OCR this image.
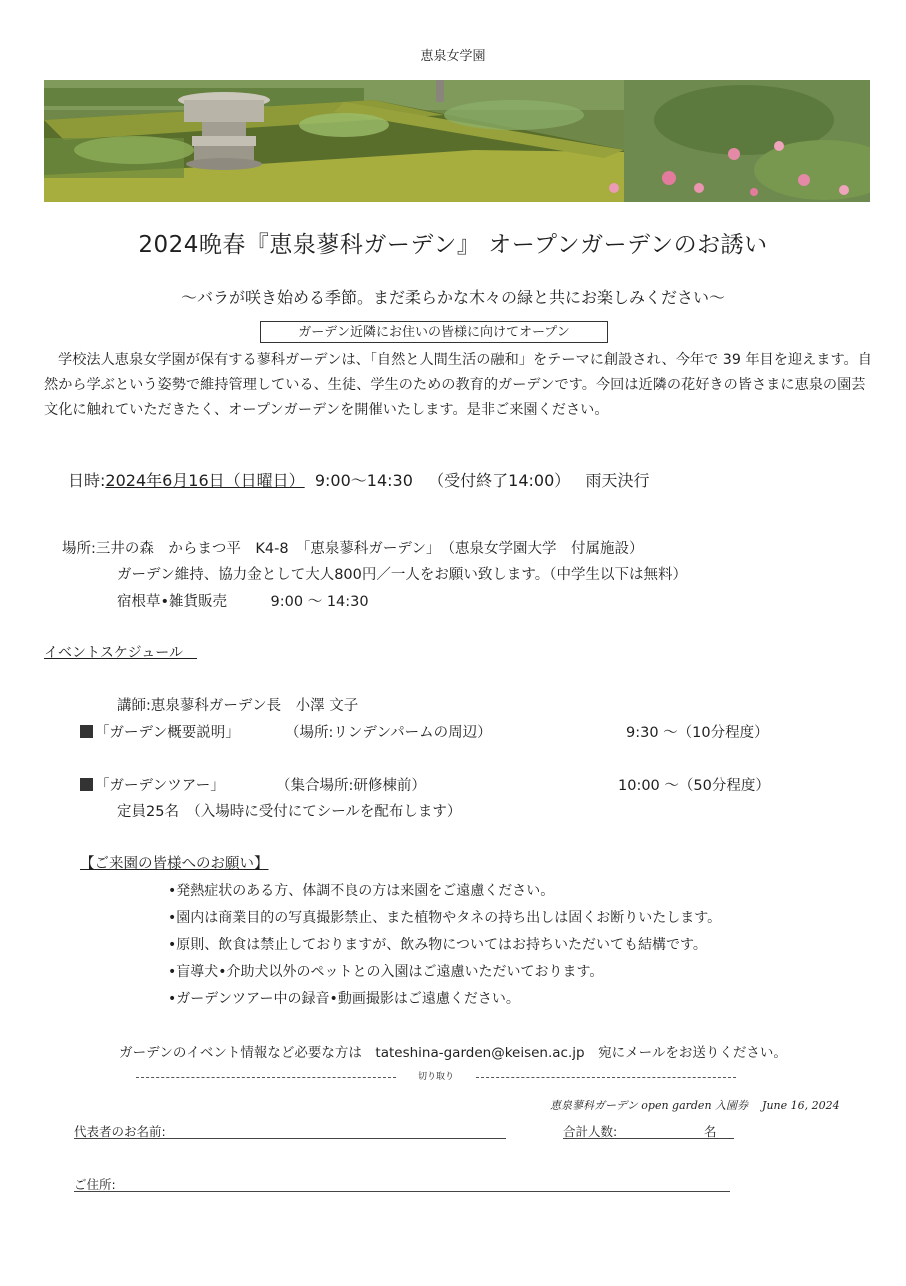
恵泉女学園
2024晩春『恵泉蓼科ガーデン』 オープンガーデンのお誘い
～バラが咲き始める季節。まだ柔らかな木々の緑と共にお楽しみください～
ガーデン近隣にお住いの皆様に向けてオープン
学校法人恵泉女学園が保有する蓼科ガーデンは、「自然と人間生活の融和」をテーマに創設され、今年で 39 年目を迎えます。自然から学ぶという姿勢で維持管理している、生徒、学生のための教育的ガーデンです。今回は近隣の花好きの皆さまに恵泉の園芸文化に触れていただきたく、オープンガーデンを開催いたします。是非ご来園ください。
日時:2024年6月16日（日曜日） 9:00～14:30 （受付終了14:00） 雨天決行
場所:三井の森　からまつ平　K4-8　「恵泉蓼科ガーデン」　（恵泉女学園大学　付属施設）
ガーデン維持、協力金として大人800円／一人をお願い致します。（中学生以下は無料）
宿根草•雑貨販売　　　9:00 ～ 14:30
イベントスケジュール　
講師:恵泉蓼科ガーデン長　小澤 文子
「ガーデン概要説明」	（場所:リンデンパームの周辺）	9:30 ～（10分程度）
「ガーデンツアー」	（集合場所:研修棟前）	10:00 ～（50分程度）
定員25名　（入場時に受付にてシールを配布します）
【ご来園の皆様へのお願い】
•発熱症状のある方、体調不良の方は来園をご遠慮ください。
•園内は商業目的の写真撮影禁止、また植物やタネの持ち出しは固くお断りいたします。
•原則、飲食は禁止しておりますが、飲み物についてはお持ちいただいても結構です。
•盲導犬•介助犬以外のペットとの入園はご遠慮いただいております。
•ガーデンツアー中の録音•動画撮影はご遠慮ください。
ガーデンのイベント情報など必要な方は　tateshina-garden@keisen.ac.jp　宛にメールをお送りください。
切り取り
恵泉蓼科ガーデン open garden 入園券 June 16, 2024
代表者のお名前:	合計人数:	名
ご住所:
